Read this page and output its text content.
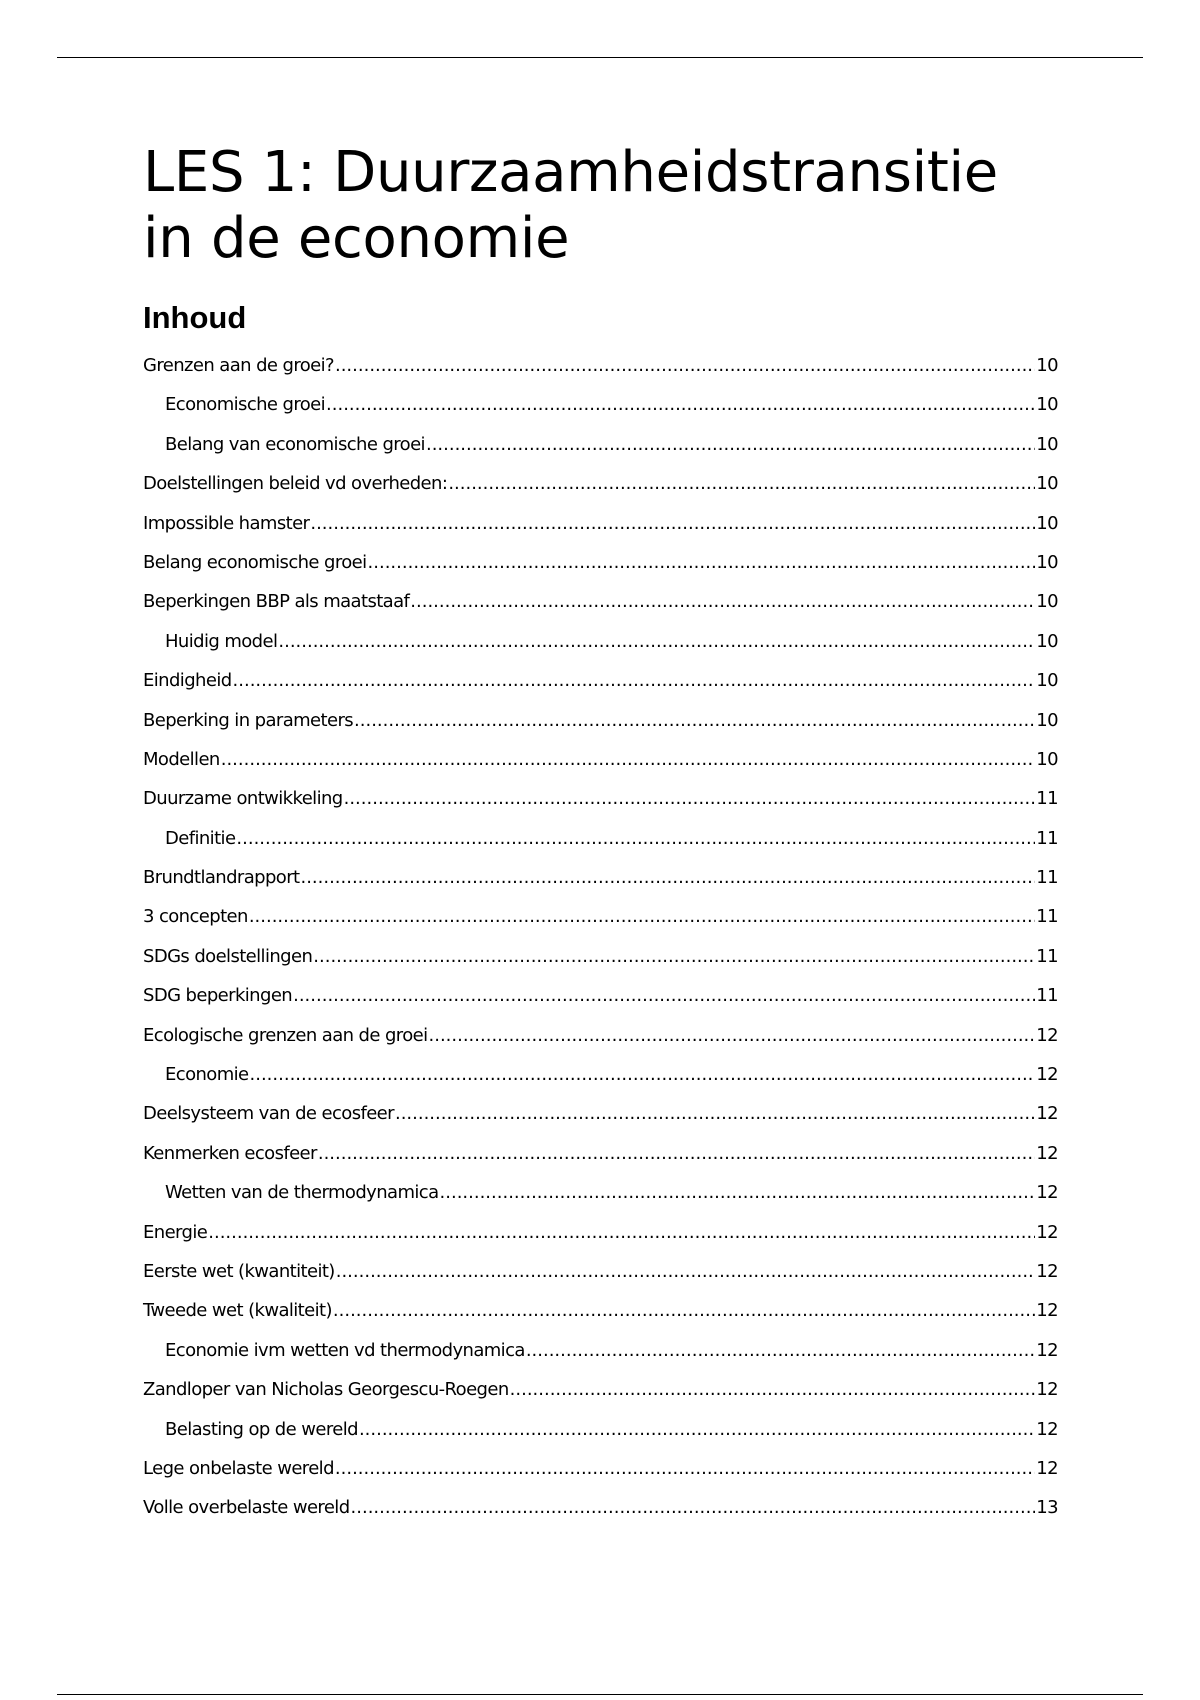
LES 1: Duurzaamheidstransitie in de economie
Inhoud
Grenzen aan de groei? .....	10
Economische groei .....	10
Belang van economische groei .....	10
Doelstellingen beleid vd overheden: .....	10
Impossible hamster .....	10
Belang economische groei .....	10
Beperkingen BBP als maatstaaf .....	10
Huidig model .....	10
Eindigheid .....	10
Beperking in parameters .....	10
Modellen .....	10
Duurzame ontwikkeling .....	11
Definitie .....	11
Brundtlandrapport .....	11
3 concepten .....	11
SDGs doelstellingen .....	11
SDG beperkingen .....	11
Ecologische grenzen aan de groei .....	12
Economie .....	12
Deelsysteem van de ecosfeer .....	12
Kenmerken ecosfeer .....	12
Wetten van de thermodynamica .....	12
Energie .....	12
Eerste wet (kwantiteit) .....	12
Tweede wet (kwaliteit) .....	12
Economie ivm wetten vd thermodynamica .....	12
Zandloper van Nicholas Georgescu-Roegen .....	12
Belasting op de wereld .....	12
Lege onbelaste wereld .....	12
Volle overbelaste wereld .....	13
